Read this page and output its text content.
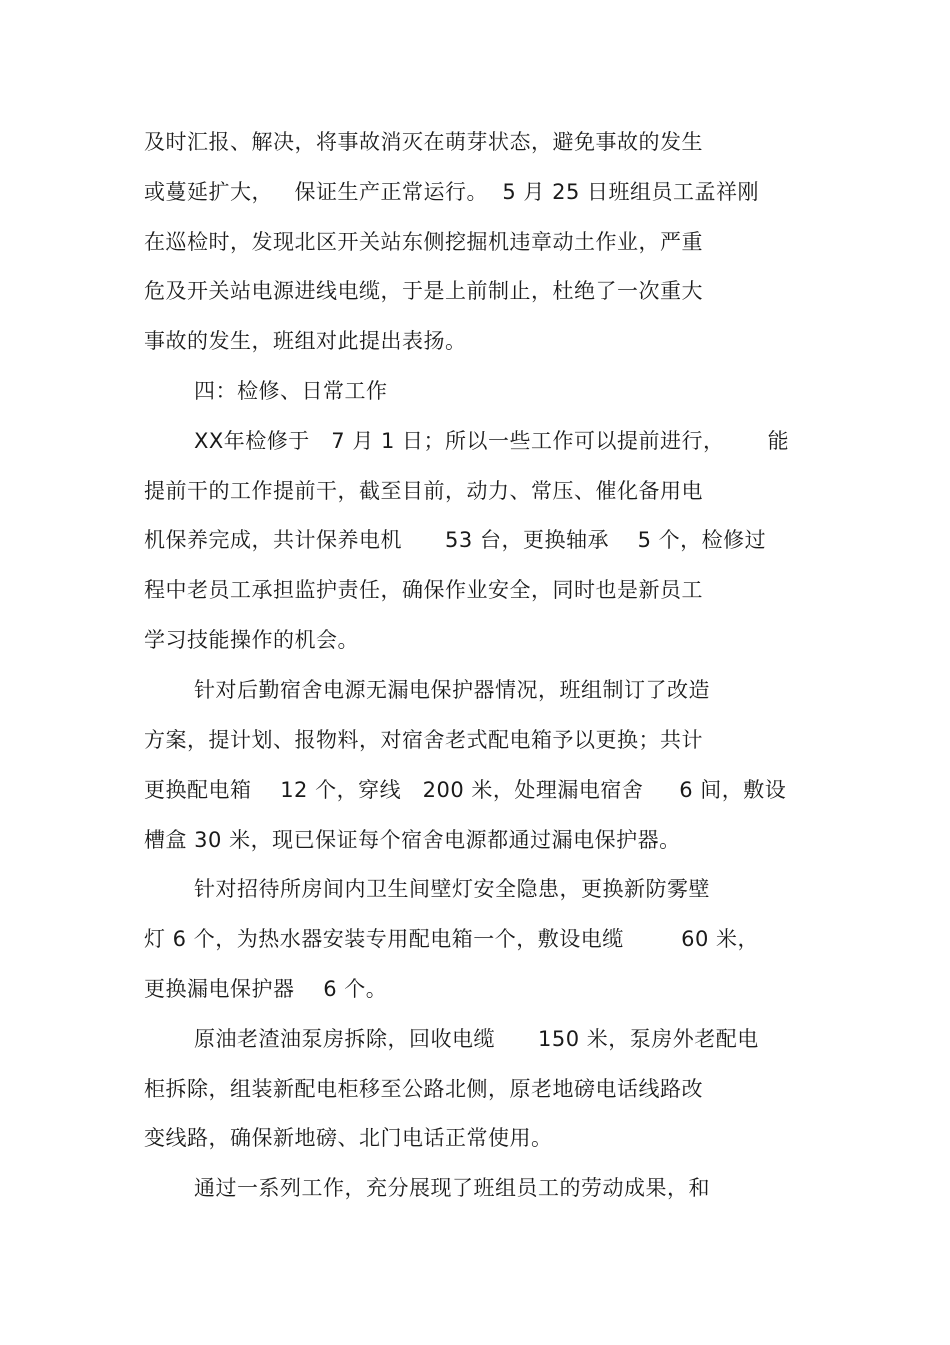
及时汇报、解决，将事故消灭在萌芽状态，避免事故的发生
或蔓延扩大，   保证生产正常运行。  5 月 25 日班组员工孟祥刚
在巡检时，发现北区开关站东侧挖掘机违章动土作业，严重
危及开关站电源进线电缆，于是上前制止，杜绝了一次重大
事故的发生，班组对此提出表扬。
四：检修、日常工作
XX年检修于   7 月 1 日；所以一些工作可以提前进行，      能
提前干的工作提前干，截至目前，动力、常压、催化备用电
机保养完成，共计保养电机      53 台，更换轴承    5 个，检修过
程中老员工承担监护责任，确保作业安全，同时也是新员工
学习技能操作的机会。
针对后勤宿舍电源无漏电保护器情况，班组制订了改造
方案，提计划、报物料，对宿舍老式配电箱予以更换；共计
更换配电箱    12 个，穿线   200 米，处理漏电宿舍     6 间，敷设
槽盒 30 米，现已保证每个宿舍电源都通过漏电保护器。
针对招待所房间内卫生间壁灯安全隐患，更换新防雾壁
灯 6 个，为热水器安装专用配电箱一个，敷设电缆        60 米，
更换漏电保护器    6 个。
原油老渣油泵房拆除，回收电缆      150 米，泵房外老配电
柜拆除，组装新配电柜移至公路北侧，原老地磅电话线路改
变线路，确保新地磅、北门电话正常使用。
通过一系列工作，充分展现了班组员工的劳动成果，和
